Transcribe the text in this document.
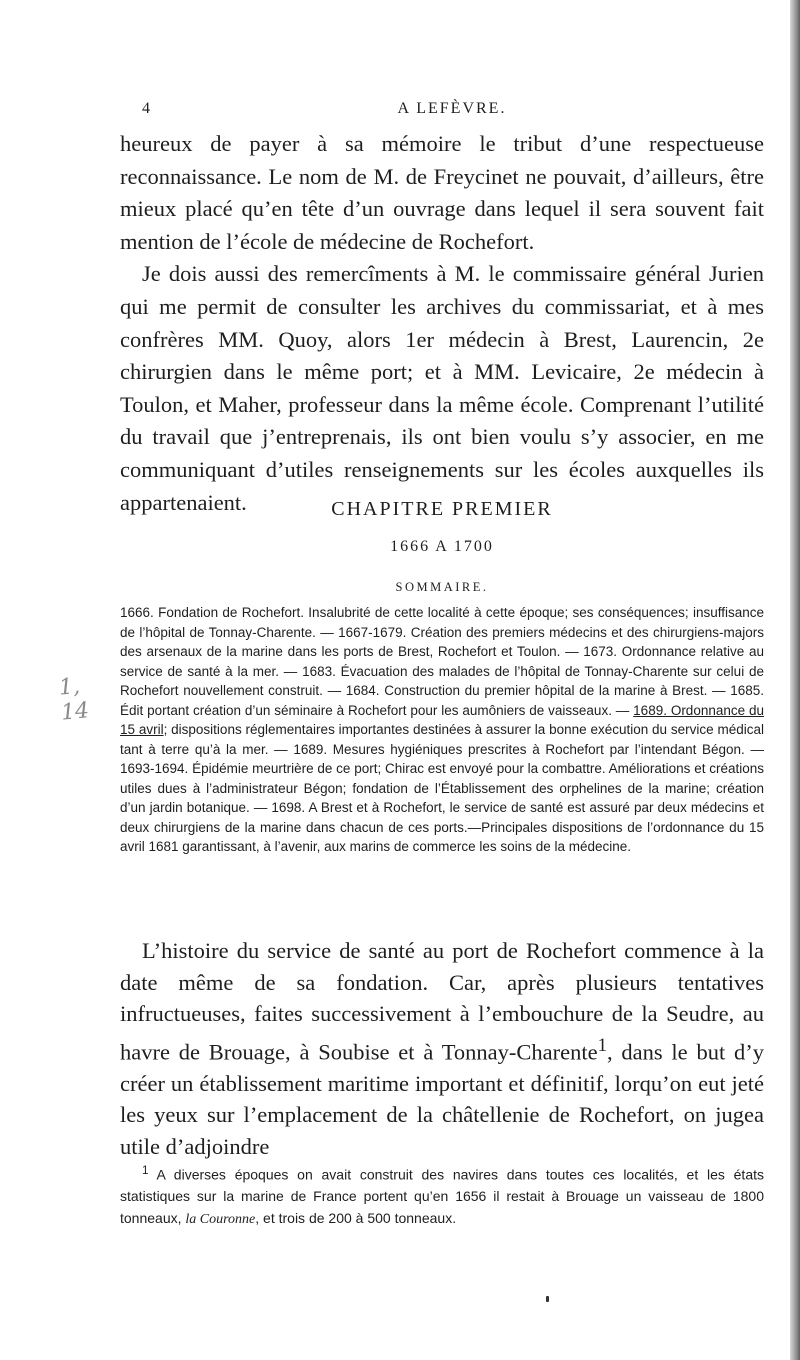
4	A LEFÈVRE.

heureux de payer à sa mémoire le tribut d’une respectueuse reconnaissance. Le nom de M. de Freycinet ne pouvait, d’ailleurs, être mieux placé qu’en tête d’un ouvrage dans lequel il sera souvent fait mention de l’école de médecine de Rochefort.

Je dois aussi des remercîments à M. le commissaire général Jurien qui me permit de consulter les archives du commissariat, et à mes confrères MM. Quoy, alors 1er médecin à Brest, Laurencin, 2e chirurgien dans le même port; et à MM. Levicaire, 2e médecin à Toulon, et Maher, professeur dans la même école. Comprenant l’utilité du travail que j’entreprenais, ils ont bien voulu s’y associer, en me communiquant d’utiles renseignements sur les écoles auxquelles ils appartenaient.	CHAPITRE PREMIER
1666 A 1700
SOMMAIRE.

1666. Fondation de Rochefort. Insalubrité de cette localité à cette époque; ses conséquences; insuffisance de l’hôpital de Tonnay-Charente. — 1667-1679. Création des premiers médecins et des chirurgiens-majors des arsenaux de la marine dans les ports de Brest, Rochefort et Toulon. — 1673. Ordonnance relative au service de santé à la mer. — 1683. Évacuation des malades de l’hôpital de Tonnay-Charente sur celui de Rochefort nouvellement construit. — 1684. Construction du premier hôpital de la marine à Brest. — 1685. Édit portant création d’un séminaire à Rochefort pour les aumôniers de vaisseaux. — 1689. Ordonnance du 15 avril; dispositions réglementaires importantes destinées à assurer la bonne exécution du service médical tant à terre qu’à la mer. — 1689. Mesures hygiéniques prescrites à Rochefort par l’intendant Bégon. — 1693-1694. Épidémie meurtrière de ce port; Chirac est envoyé pour la combattre. Améliorations et créations utiles dues à l’administrateur Bégon; fondation de l’Établissement des orphelines de la marine; création d’un jardin botanique. — 1698. A Brest et à Rochefort, le service de santé est assuré par deux médecins et deux chirurgiens de la marine dans chacun de ces ports.—Principales dispositions de l’ordonnance du 15 avril 1681 garantissant, à l’avenir, aux marins de commerce les soins de la médecine.

L’histoire du service de santé au port de Rochefort commence à la date même de sa fondation. Car, après plusieurs tentatives infructueuses, faites successivement à l’embouchure de la Seudre, au havre de Brouage, à Soubise et à Tonnay-Charente$^1$, dans le but d’y créer un établissement maritime important et définitif, lorqu’on eut jeté les yeux sur l’emplacement de la châtellenie de Rochefort, on jugea utile d’adjoindre

$^1$ A diverses époques on avait construit des navires dans toutes ces localités, et les états statistiques sur la marine de France portent qu’en 1656 il restait à Brouage un vaisseau de 1800 tonneaux, la Couronne, et trois de 200 à 500 tonneaux.

1, 14
